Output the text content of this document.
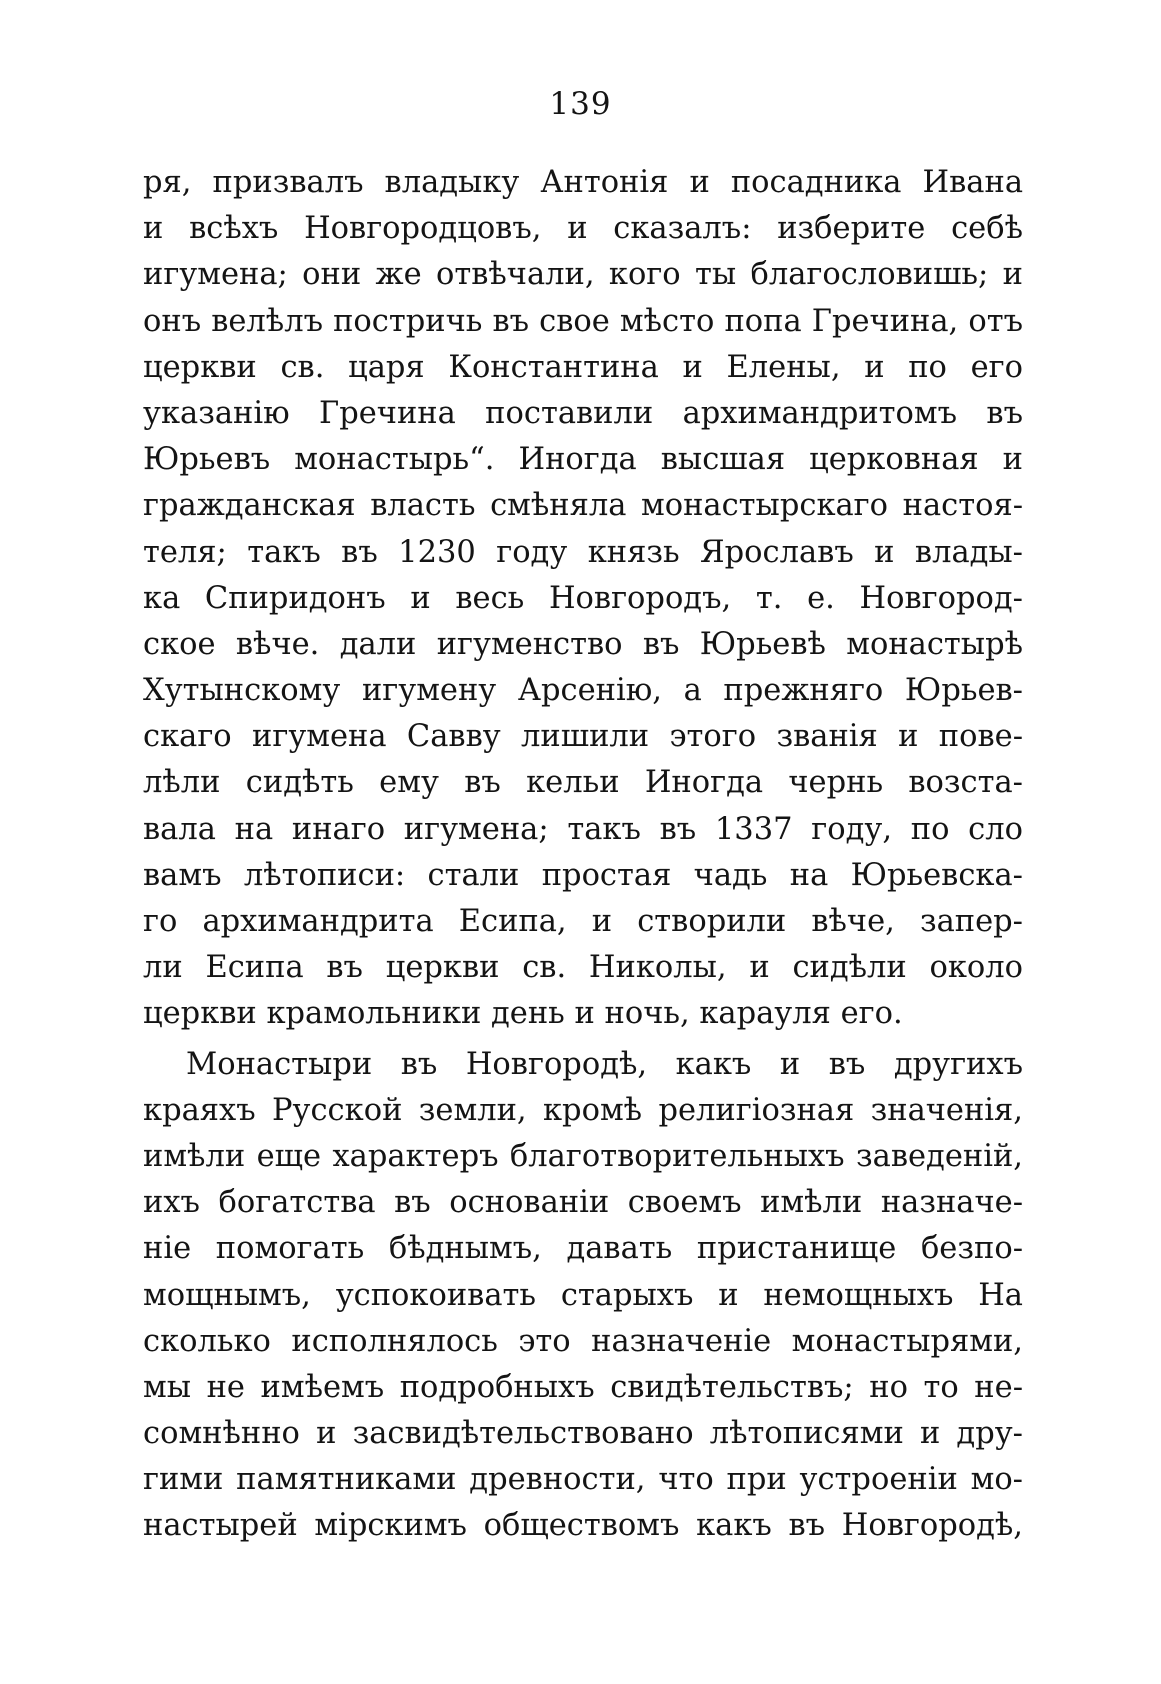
139
ря, призвалъ владыку Антонія и посадника Ивана
и всѣхъ Новгородцовъ, и сказалъ: изберите себѣ
игумена; они же отвѣчали, кого ты благословишь; и
онъ велѣлъ постричь въ свое мѣсто попа Гречина, отъ
церкви св. царя Константина и Елены, и по его
указанію Гречина поставили архимандритомъ въ
Юрьевъ монастырь“. Иногда высшая церковная и
гражданская власть смѣняла монастырскаго настоя-
теля; такъ въ 1230 году князь Ярославъ и влады-
ка Спиридонъ и весь Новгородъ, т. е. Новгород-
ское вѣче. дали игуменство въ Юрьевѣ монастырѣ
Хутынскому игумену Арсенію, а прежняго Юрьев-
скаго игумена Савву лишили этого званія и пове-
лѣли сидѣть ему въ кельи Иногда чернь возста-
вала на инаго игумена; такъ въ 1337 году, по сло
вамъ лѣтописи: стали простая чадь на Юрьевска-
го архимандрита Есипа, и створили вѣче, запер-
ли Есипа въ церкви св. Николы, и сидѣли около
церкви крамольники день и ночь, карауля его.
Монастыри въ Новгородѣ, какъ и въ другихъ
краяхъ Русской земли, кромѣ религіозная значенія,
имѣли еще характеръ благотворительныхъ заведеній,
ихъ богатства въ основаніи своемъ имѣли назначе-
ніе помогать бѣднымъ, давать пристанище безпо-
мощнымъ, успокоивать старыхъ и немощныхъ На
сколько исполнялось это назначеніе монастырями,
мы не имѣемъ подробныхъ свидѣтельствъ; но то не-
сомнѣнно и засвидѣтельствовано лѣтописями и дру-
гими памятниками древности, что при устроеніи мо-
настырей мірскимъ обществомъ какъ въ Новгородѣ,
